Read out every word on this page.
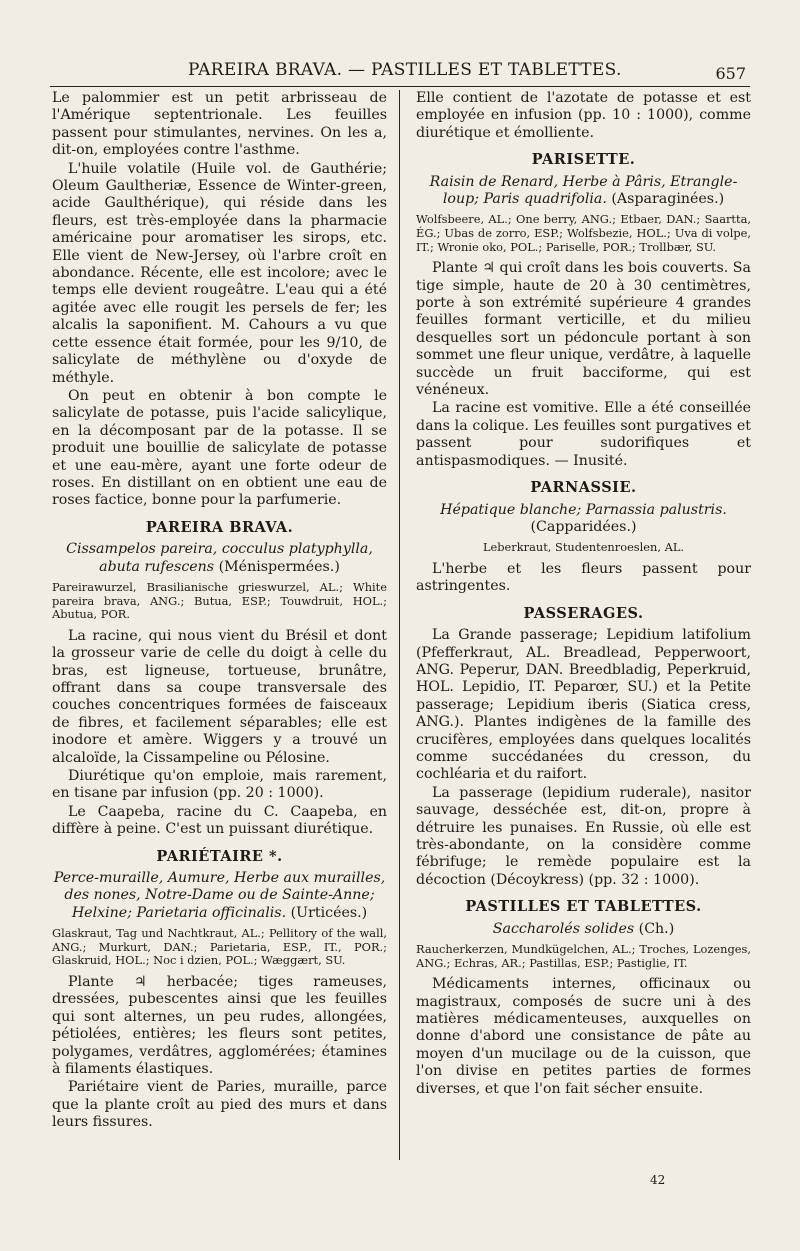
PAREIRA BRAVA. — PASTILLES ET TABLETTES.	657

Le palommier est un petit arbrisseau de l'Amérique septentrionale. Les feuilles passent pour stimulantes, nervines. On les a, dit-on, employées contre l'asthme.

L'huile volatile (Huile vol. de Gauthérie; Oleum Gaultheriæ, Essence de Winter-green, acide Gaulthérique), qui réside dans les fleurs, est très-employée dans la pharmacie américaine pour aromatiser les sirops, etc. Elle vient de New-Jersey, où l'arbre croît en abondance. Récente, elle est incolore; avec le temps elle devient rougeâtre. L'eau qui a été agitée avec elle rougit les persels de fer; les alcalis la saponifient. M. Cahours a vu que cette essence était formée, pour les 9/10, de salicylate de méthylène ou d'oxyde de méthyle.

On peut en obtenir à bon compte le salicylate de potasse, puis l'acide salicylique, en la décomposant par de la potasse. Il se produit une bouillie de salicylate de potasse et une eau-mère, ayant une forte odeur de roses. En distillant on en obtient une eau de roses factice, bonne pour la parfumerie.

PAREIRA BRAVA.

Cissampelos pareira, cocculus platyphylla, abuta rufescens (Ménispermées.)

Pareirawurzel, Brasilianische grieswurzel, AL.; White pareira brava, ANG.; Butua, ESP.; Touwdruit, HOL.; Abutua, POR.

La racine, qui nous vient du Brésil et dont la grosseur varie de celle du doigt à celle du bras, est ligneuse, tortueuse, brunâtre, offrant dans sa coupe transversale des couches concentriques formées de faisceaux de fibres, et facilement séparables; elle est inodore et amère. Wiggers y a trouvé un alcaloïde, la Cissampeline ou Pélosine.

Diurétique qu'on emploie, mais rarement, en tisane par infusion (pp. 20 : 1000).

Le Caapeba, racine du C. Caapeba, en diffère à peine. C'est un puissant diurétique.

PARIÉTAIRE *.

Perce-muraille, Aumure, Herbe aux murailles, des nones, Notre-Dame ou de Sainte-Anne; Helxine; Parietaria officinalis. (Urticées.)

Glaskraut, Tag und Nachtkraut, AL.; Pellitory of the wall, ANG.; Murkurt, DAN.; Parietaria, ESP., IT., POR.; Glaskruid, HOL.; Noc i dzien, POL.; Wæggært, SU.

Plante ♃ herbacée; tiges rameuses, dressées, pubescentes ainsi que les feuilles qui sont alternes, un peu rudes, allongées, pétiolées, entières; les fleurs sont petites, polygames, verdâtres, agglomérées; étamines à filaments élastiques.

Pariétaire vient de Paries, muraille, parce que la plante croît au pied des murs et dans leurs fissures.

Elle contient de l'azotate de potasse et est employée en infusion (pp. 10 : 1000), comme diurétique et émolliente.

PARISETTE.

Raisin de Renard, Herbe à Pâris, Etrangle-loup; Paris quadrifolia. (Asparaginées.)

Wolfsbeere, AL.; One berry, ANG.; Etbaer, DAN.; Saartta, ÉG.; Ubas de zorro, ESP.; Wolfsbezie, HOL.; Uva di volpe, IT.; Wronie oko, POL.; Pariselle, POR.; Trollbær, SU.

Plante ♃ qui croît dans les bois couverts. Sa tige simple, haute de 20 à 30 centimètres, porte à son extrémité supérieure 4 grandes feuilles formant verticille, et du milieu desquelles sort un pédoncule portant à son sommet une fleur unique, verdâtre, à laquelle succède un fruit bacciforme, qui est vénéneux.

La racine est vomitive. Elle a été conseillée dans la colique. Les feuilles sont purgatives et passent pour sudorifiques et antispasmodiques. — Inusité.

PARNASSIE.

Hépatique blanche; Parnassia palustris. (Capparidées.)

Leberkraut, Studentenroeslen, AL.

L'herbe et les fleurs passent pour astringentes.

PASSERAGES.

La Grande passerage; Lepidium latifolium (Pfefferkraut, AL. Breadlead, Pepperwoort, ANG. Peperur, DAN. Breedbladig, Peperkruid, HOL. Lepidio, IT. Peparœr, SU.) et la Petite passerage; Lepidium iberis (Siatica cress, ANG.). Plantes indigènes de la famille des crucifères, employées dans quelques localités comme succédanées du cresson, du cochléaria et du raifort.

La passerage (lepidium ruderale), nasitor sauvage, desséchée est, dit-on, propre à détruire les punaises. En Russie, où elle est très-abondante, on la considère comme fébrifuge; le remède populaire est la décoction (Décoykress) (pp. 32 : 1000).

PASTILLES ET TABLETTES.

Saccharolés solides (Ch.)

Raucherkerzen, Mundkügelchen, AL.; Troches, Lozenges, ANG.; Echras, AR.; Pastillas, ESP.; Pastiglie, IT.

Médicaments internes, officinaux ou magistraux, composés de sucre uni à des matières médicamenteuses, auxquelles on donne d'abord une consistance de pâte au moyen d'un mucilage ou de la cuisson, que l'on divise en petites parties de formes diverses, et que l'on fait sécher ensuite.

42
